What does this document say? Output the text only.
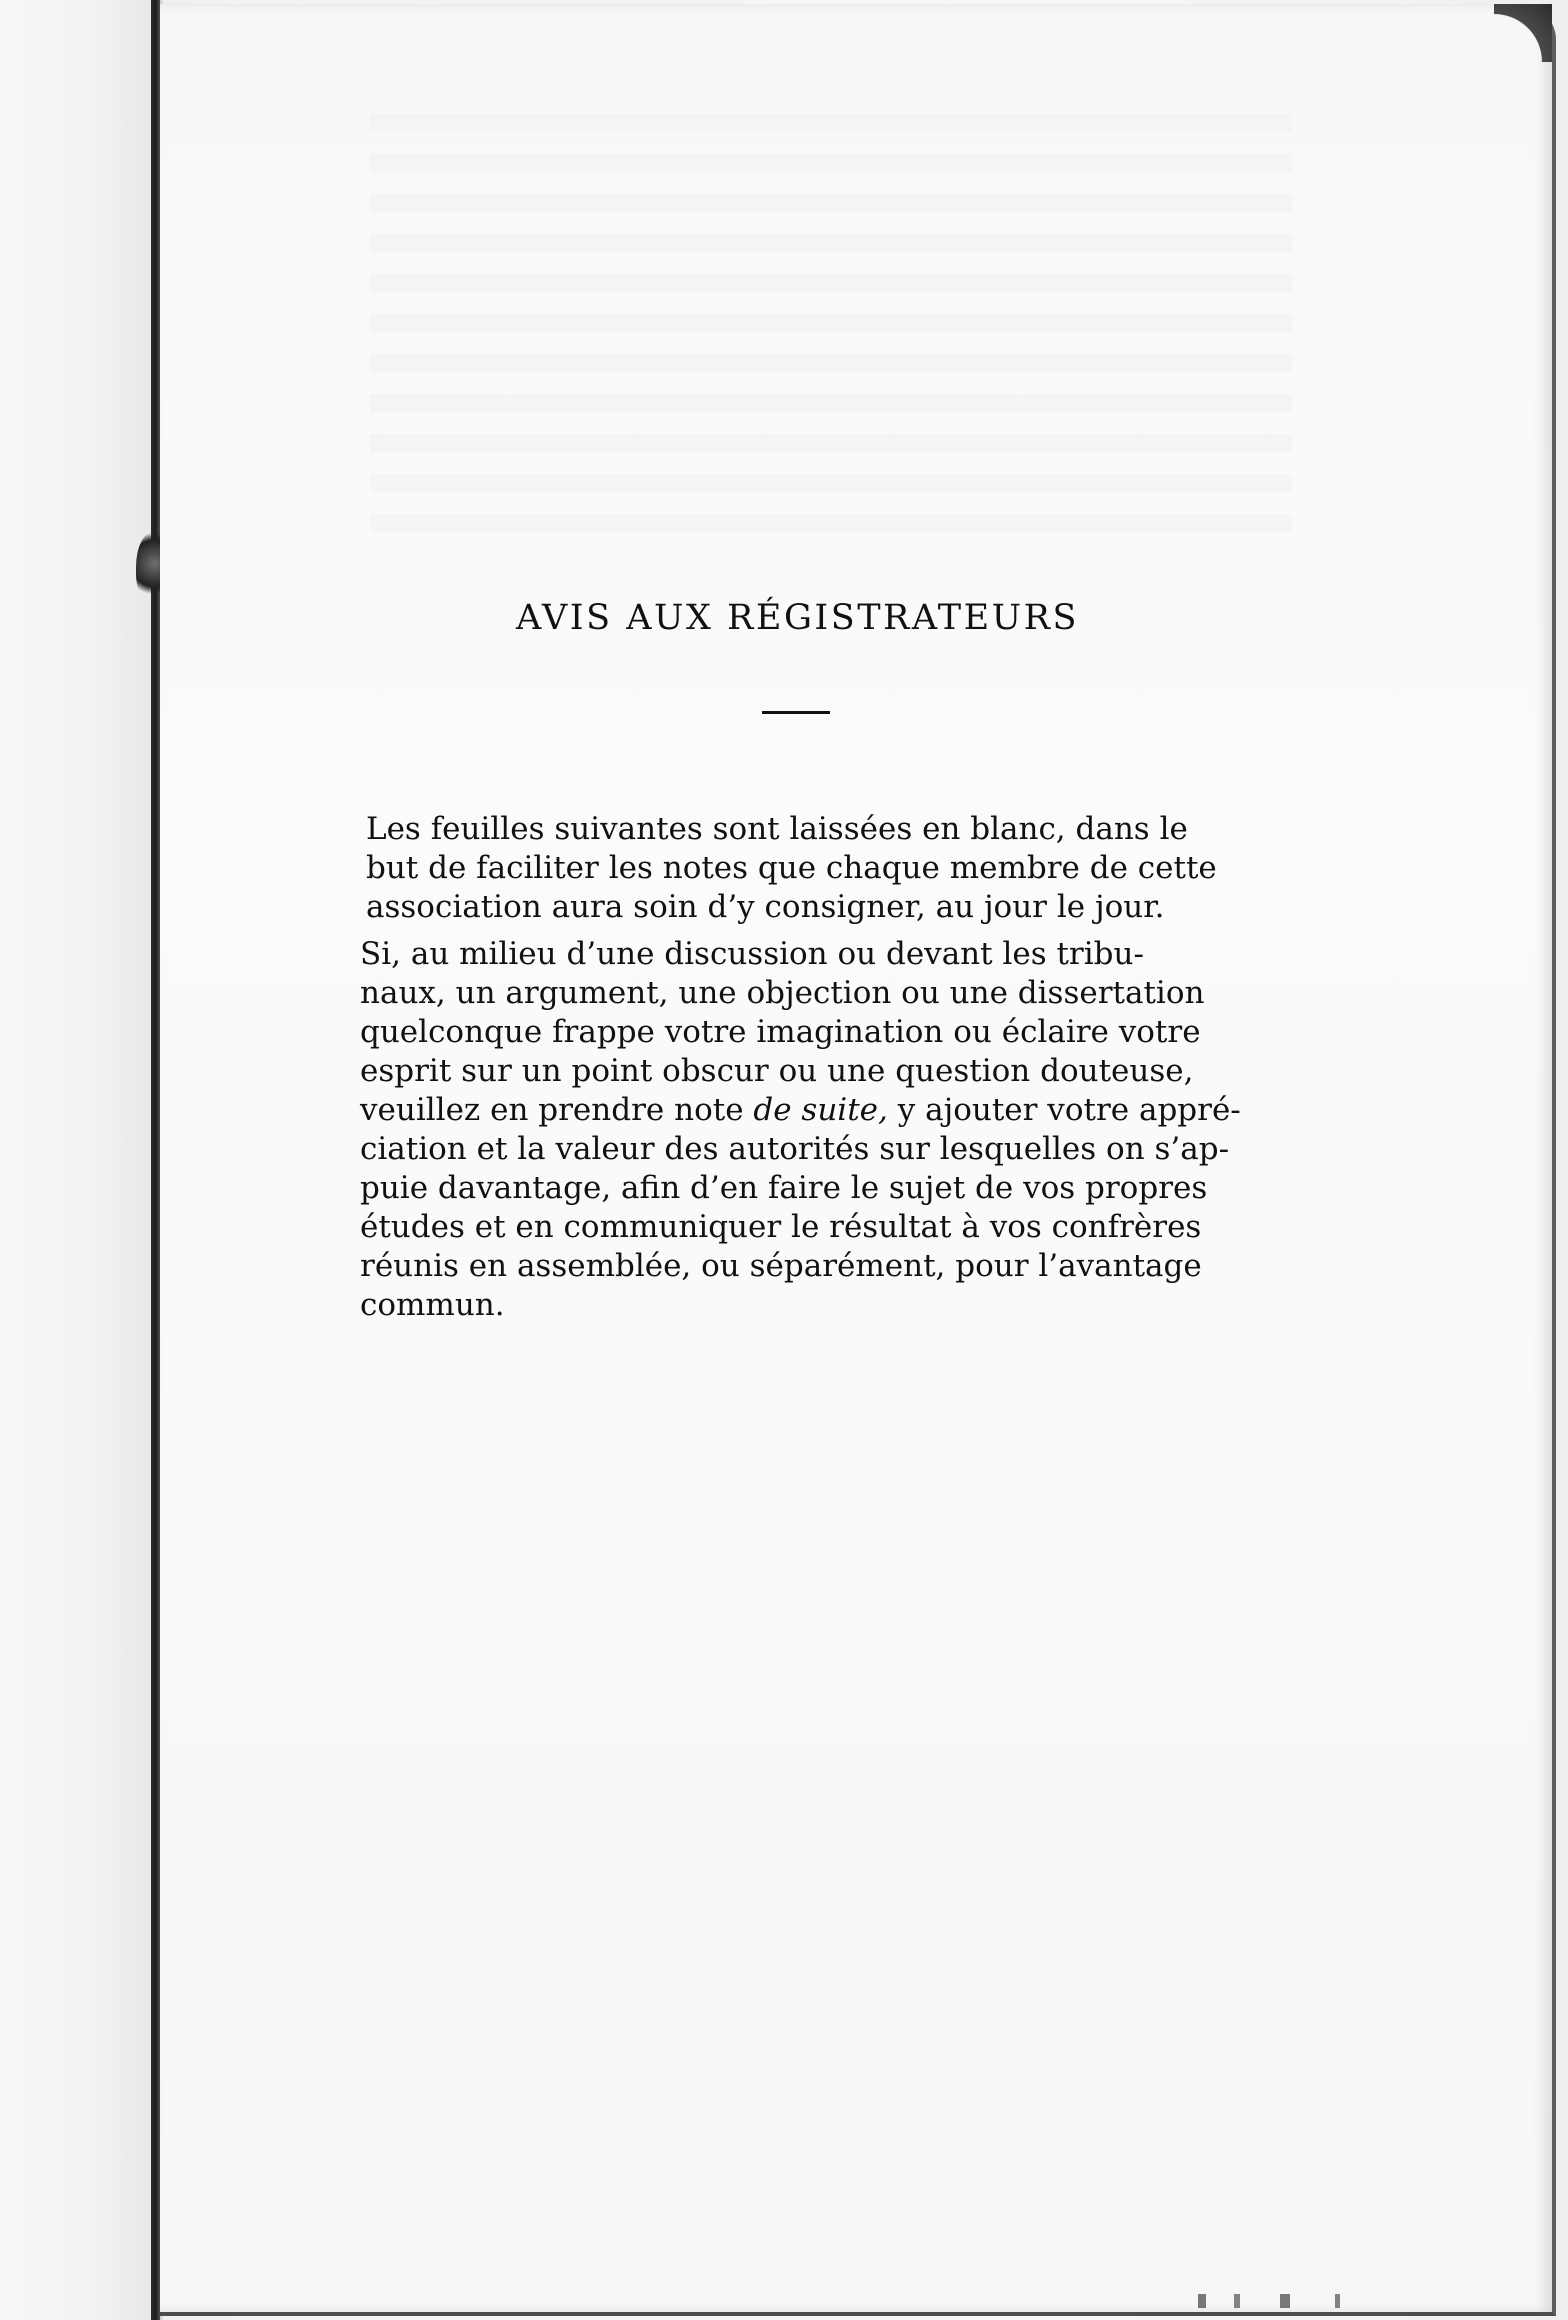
AVIS AUX RÉGISTRATEURS
Les feuilles suivantes sont laissées en blanc, dans le
but de faciliter les notes que chaque membre de cette
association aura soin d’y consigner, au jour le jour.
Si, au milieu d’une discussion ou devant les tribu-
naux, un argument, une objection ou une dissertation
quelconque frappe votre imagination ou éclaire votre
esprit sur un point obscur ou une question douteuse,
veuillez en prendre note de suite, y ajouter votre appré-
ciation et la valeur des autorités sur lesquelles on s’ap-
puie davantage, afin d’en faire le sujet de vos propres
études et en communiquer le résultat à vos confrères
réunis en assemblée, ou séparément, pour l’avantage
commun.
